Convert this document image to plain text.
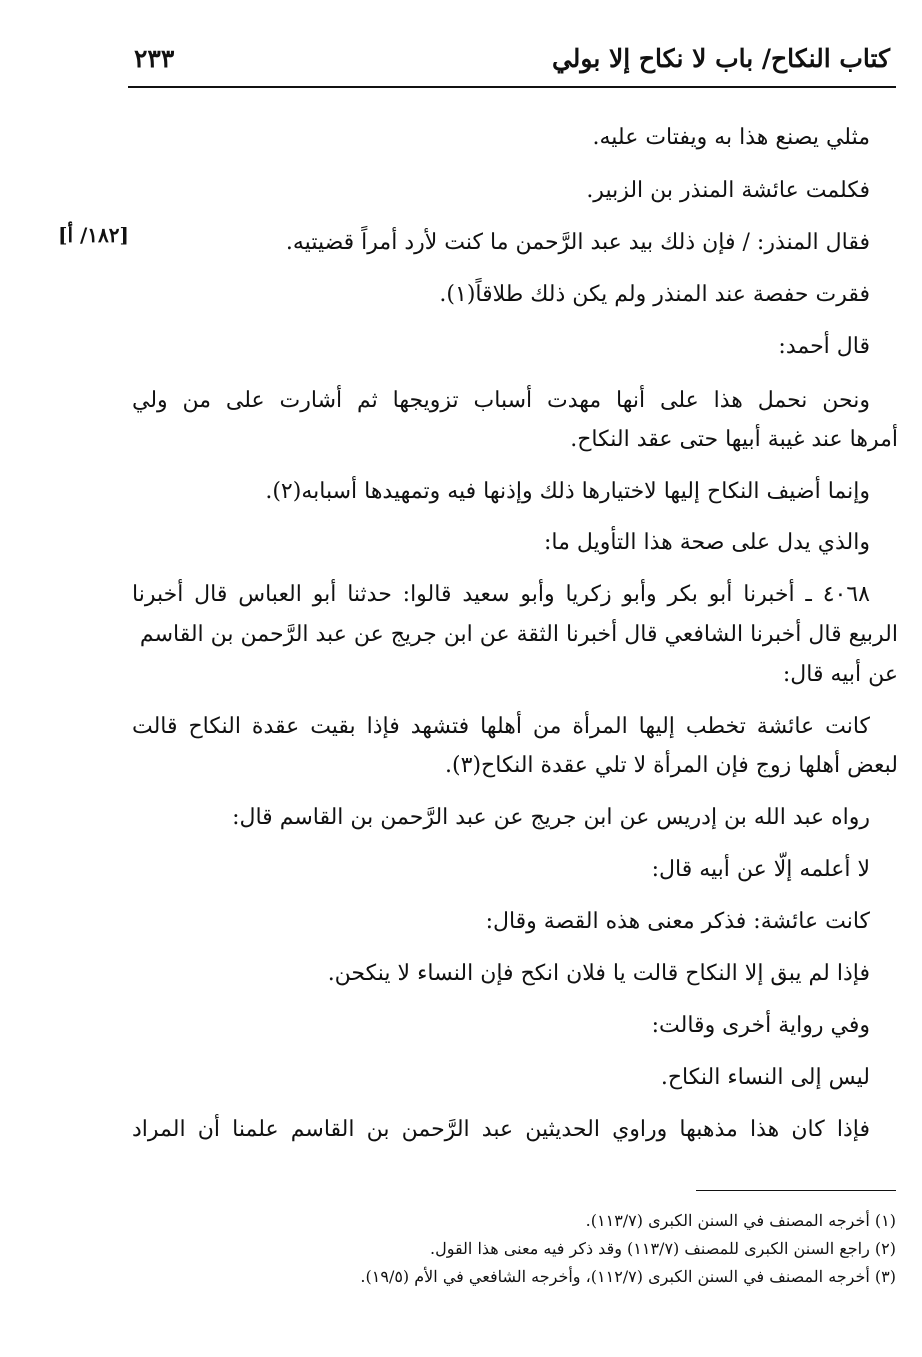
كتاب النكاح/ باب لا نكاح إلا بولي
٢٣٣
[١٨٢/ أ]
مثلي يصنع هذا به ويفتات عليه.
فكلمت عائشة المنذر بن الزبير.
فقال المنذر: / فإن ذلك بيد عبد الرَّحمن ما كنت لأرد أمراً قضيتيه.
فقرت حفصة عند المنذر ولم يكن ذلك طلاقاً(١).
قال أحمد:
ونحن نحمل هذا على أنها مهدت أسباب تزويجها ثم أشارت على من ولي
أمرها عند غيبة أبيها حتى عقد النكاح.
وإنما أضيف النكاح إليها لاختيارها ذلك وإذنها فيه وتمهيدها أسبابه(٢).
والذي يدل على صحة هذا التأويل ما:
٤٠٦٨ ـ أخبرنا أبو بكر وأبو زكريا وأبو سعيد قالوا: حدثنا أبو العباس قال أخبرنا
الربيع قال أخبرنا الشافعي قال أخبرنا الثقة عن ابن جريج عن عبد الرَّحمن بن القاسم
عن أبيه قال:
كانت عائشة تخطب إليها المرأة من أهلها فتشهد فإذا بقيت عقدة النكاح قالت
لبعض أهلها زوج فإن المرأة لا تلي عقدة النكاح(٣).
رواه عبد الله بن إدريس عن ابن جريج عن عبد الرَّحمن بن القاسم قال:
لا أعلمه إلّا عن أبيه قال:
كانت عائشة: فذكر معنى هذه القصة وقال:
فإذا لم يبق إلا النكاح قالت يا فلان انكح فإن النساء لا ينكحن.
وفي رواية أخرى وقالت:
ليس إلى النساء النكاح.
فإذا كان هذا مذهبها وراوي الحديثين عبد الرَّحمن بن القاسم علمنا أن المراد
(١) أخرجه المصنف في السنن الكبرى (١١٣/٧).
(٢) راجع السنن الكبرى للمصنف (١١٣/٧) وقد ذكر فيه معنى هذا القول.
(٣) أخرجه المصنف في السنن الكبرى (١١٢/٧)، وأخرجه الشافعي في الأم (١٩/٥).
